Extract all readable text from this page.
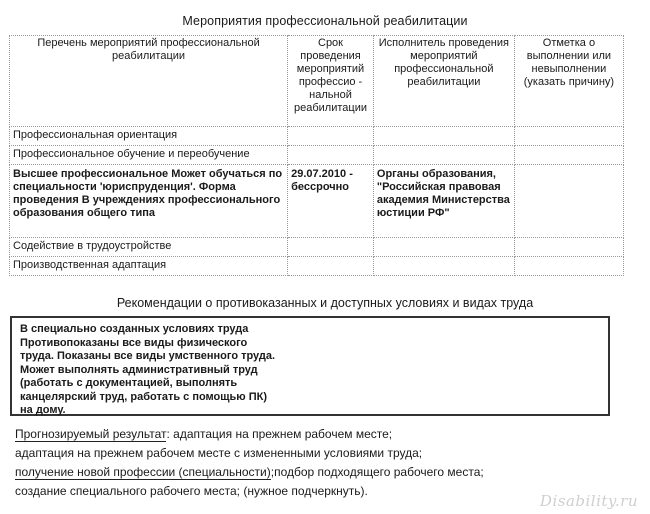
Мероприятия профессиональной реабилитации
Перечень мероприятий профессиональной реабилитации	Срок проведения мероприятий профессио - нальной реабилитации	Исполнитель проведения мероприятий профессиональной реабилитации	Отметка о выполнении или невыполнении (указать причину)
Профессиональная ориентация			
Профессиональное обучение и переобучение			
Высшее профессиональное Может обучаться по специальности 'юриспруденция'. Форма проведения В учреждениях профессионального образования общего типа	29.07.2010 - бессрочно	Органы образования, "Российская правовая академия Министерства юстиции РФ"	
Содействие в трудоустройстве			
Производственная адаптация			
Рекомендации о противоказанных и доступных условиях и видах труда
В специально созданных условиях труда
Противопоказаны все виды физического
труда. Показаны все виды умственного труда.
Может выполнять административный труд
(работать с документацией, выполнять
канцелярский труд, работать с помощью ПК)
на дому.
Прогнозируемый результат: адаптация на прежнем рабочем месте;
адаптация на прежнем рабочем месте с измененными условиями труда;
получение новой профессии (специальности);подбор подходящего рабочего места;
создание специального рабочего места; (нужное подчеркнуть).
Disability.ru
